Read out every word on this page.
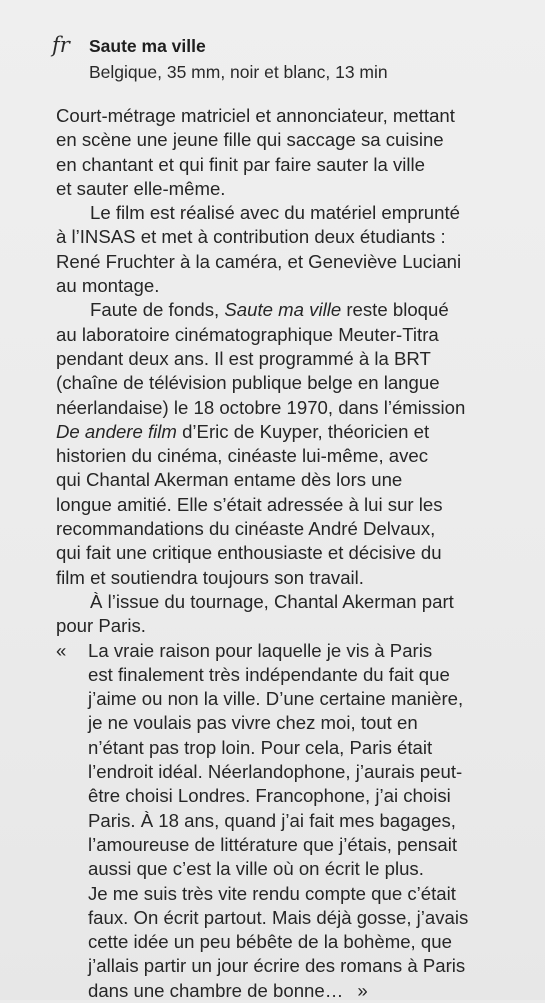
fr Saute ma ville
Belgique, 35 mm, noir et blanc, 13 min
Court-métrage matriciel et annonciateur, mettant
en scène une jeune fille qui saccage sa cuisine
en chantant et qui finit par faire sauter la ville
et sauter elle-même.
Le film est réalisé avec du matériel emprunté
à l’INSAS et met à contribution deux étudiants :
René Fruchter à la caméra, et Geneviève Luciani
au montage.
Faute de fonds, Saute ma ville reste bloqué
au laboratoire cinématographique Meuter-Titra
pendant deux ans. Il est programmé à la BRT
(chaîne de télévision publique belge en langue
néerlandaise) le 18 octobre 1970, dans l’émission
De andere film d’Eric de Kuyper, théoricien et
historien du cinéma, cinéaste lui-même, avec
qui Chantal Akerman entame dès lors une
longue amitié. Elle s’était adressée à lui sur les
recommandations du cinéaste André Delvaux,
qui fait une critique enthousiaste et décisive du
film et soutiendra toujours son travail.
À l’issue du tournage, Chantal Akerman part
pour Paris.
«	La vraie raison pour laquelle je vis à Paris
est finalement très indépendante du fait que
j’aime ou non la ville. D’une certaine manière,
je ne voulais pas vivre chez moi, tout en
n’étant pas trop loin. Pour cela, Paris était
l’endroit idéal. Néerlandophone, j’aurais peut-
être choisi Londres. Francophone, j’ai choisi
Paris. À 18 ans, quand j’ai fait mes bagages,
l’amoureuse de littérature que j’étais, pensait
aussi que c’est la ville où on écrit le plus.
Je me suis très vite rendu compte que c’était
faux. On écrit partout. Mais déjà gosse, j’avais
cette idée un peu bébête de la bohème, que
j’allais partir un jour écrire des romans à Paris
dans une chambre de bonne… »
